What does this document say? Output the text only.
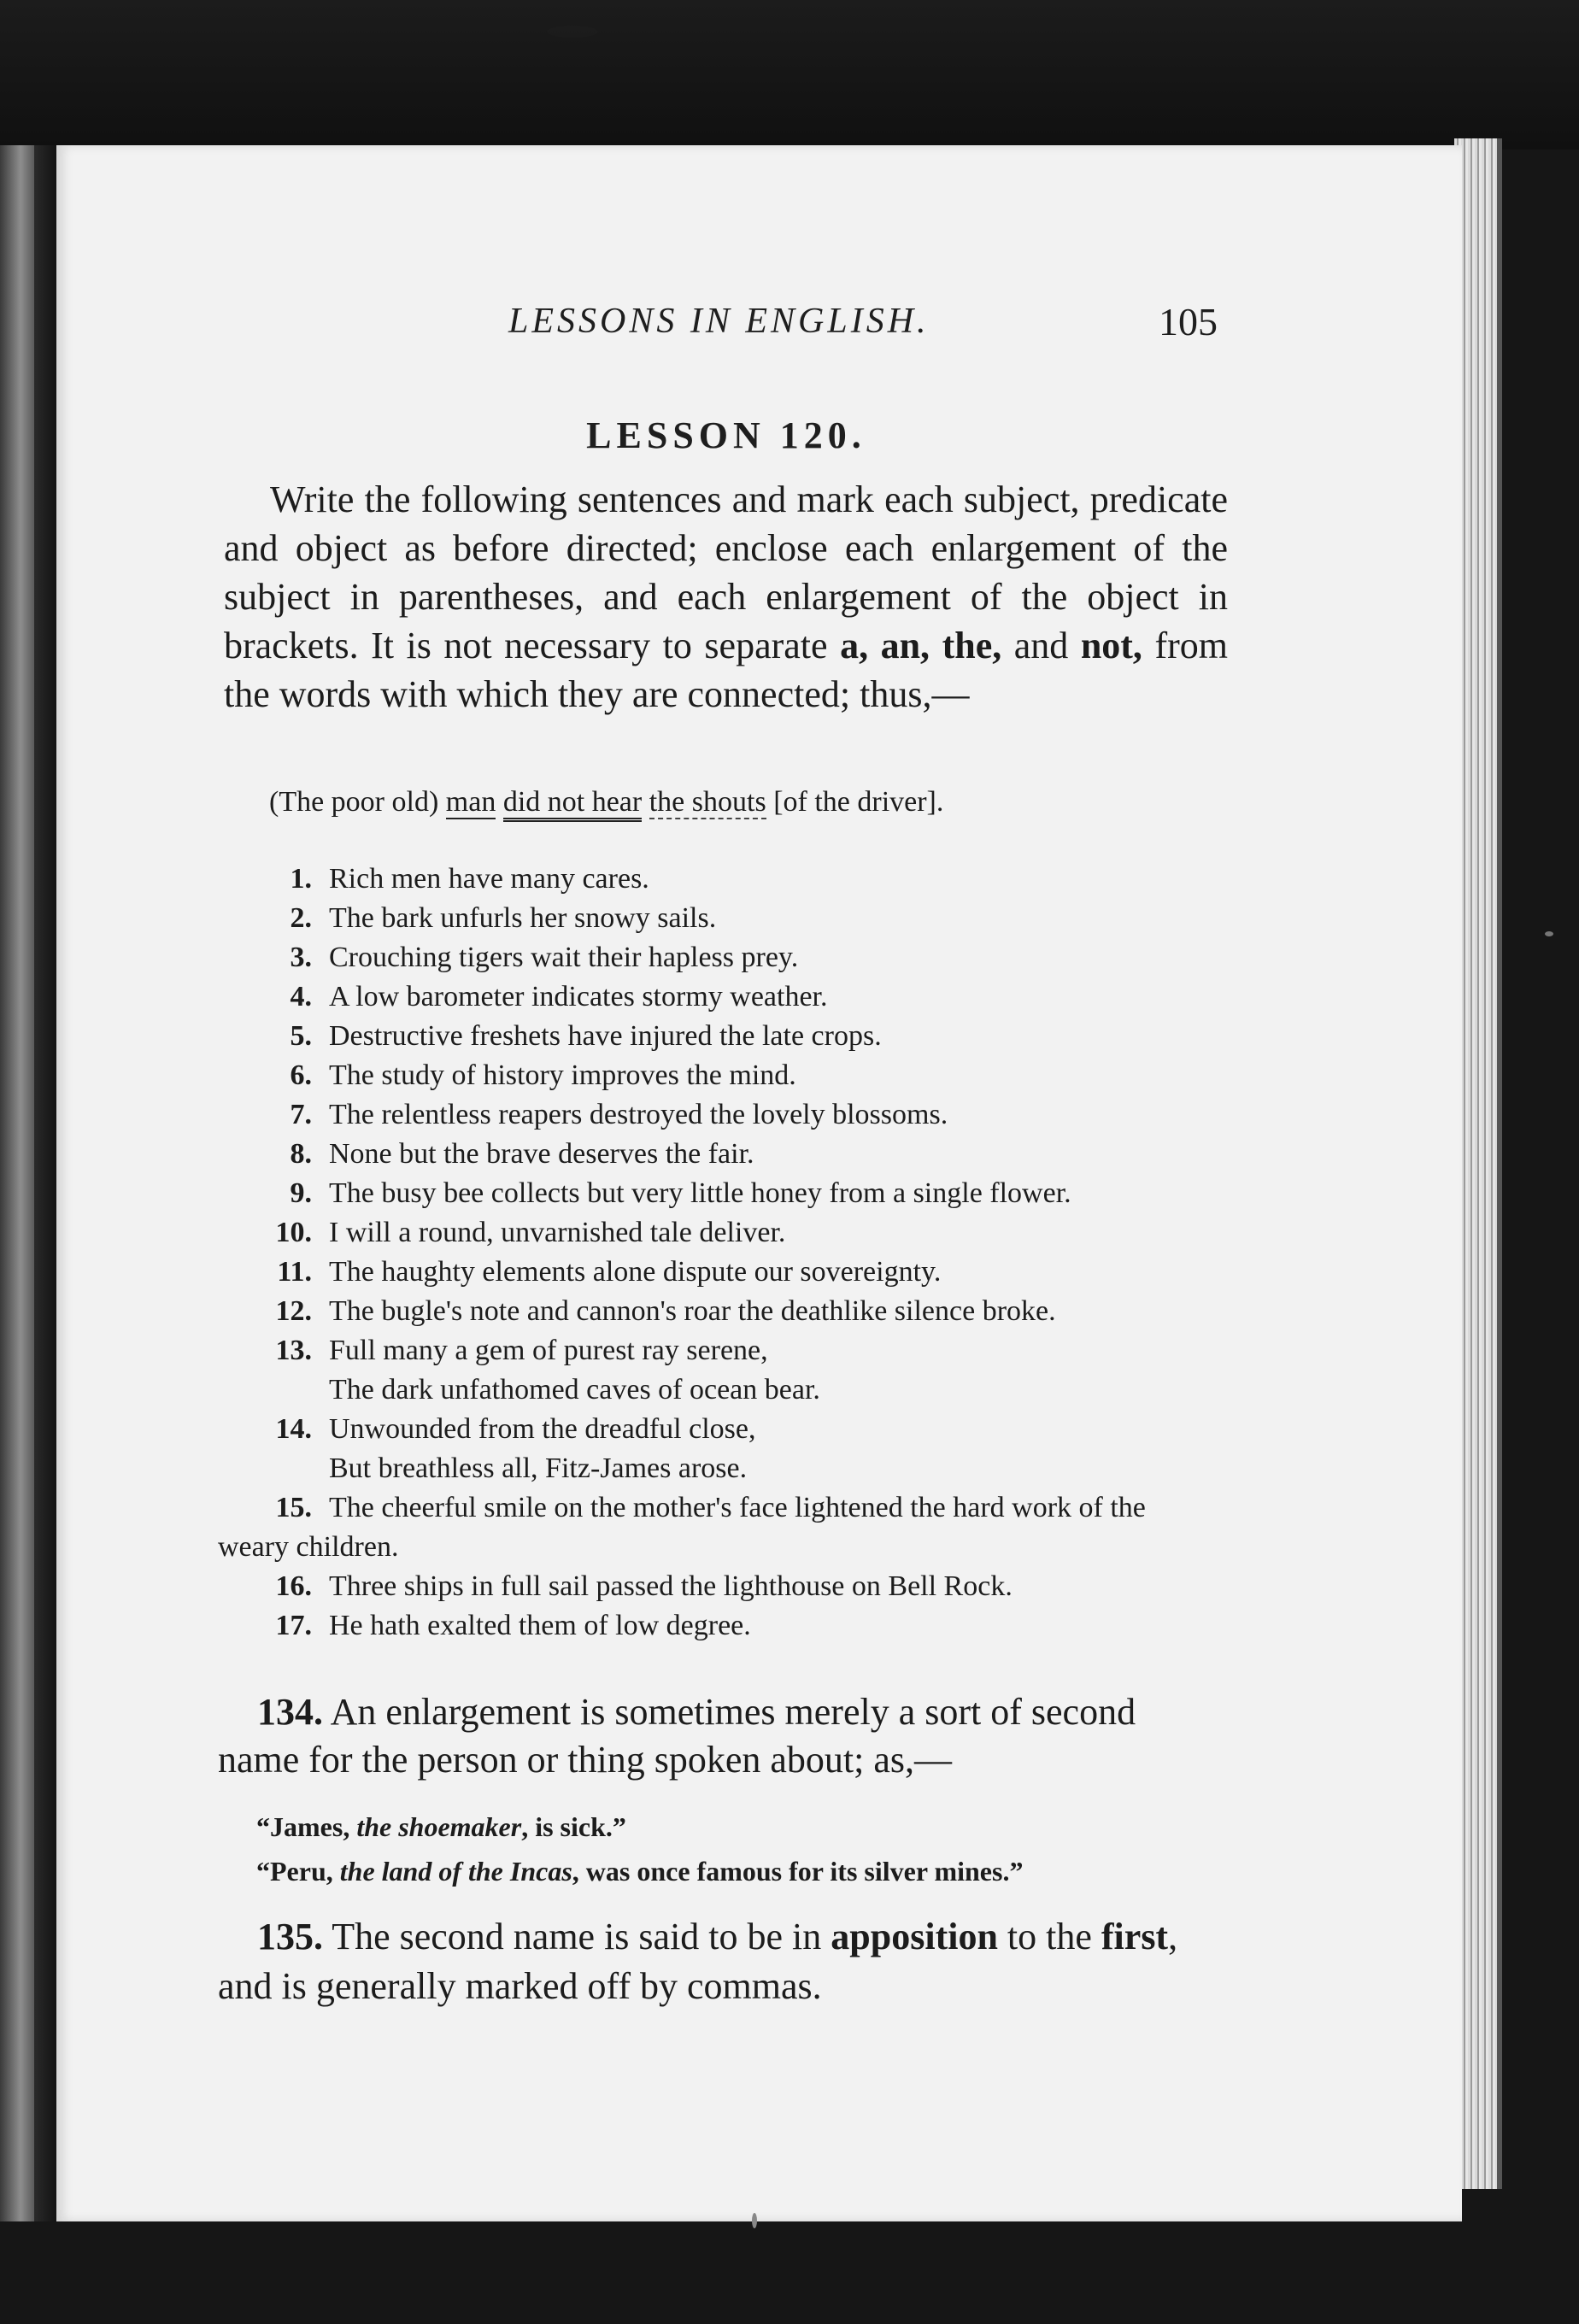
LESSONS IN ENGLISH.	105
LESSON 120.

Write the following sentences and mark each subject, predicate and object as before directed; enclose each enlargement of the subject in parentheses, and each enlargement of the object in brackets. It is not necessary to separate a, an, the, and not, from the words with which they are connected; thus,—

(The poor old) man did not hear the shouts [of the driver].
1. Rich men have many cares.
2. The bark unfurls her snowy sails.
3. Crouching tigers wait their hapless prey.
4. A low barometer indicates stormy weather.
5. Destructive freshets have injured the late crops.
6. The study of history improves the mind.
7. The relentless reapers destroyed the lovely blossoms.
8. None but the brave deserves the fair.
9. The busy bee collects but very little honey from a single flower.
10. I will a round, unvarnished tale deliver.
11. The haughty elements alone dispute our sovereignty.
12. The bugle's note and cannon's roar the deathlike silence broke.
13. Full many a gem of purest ray serene,
The dark unfathomed caves of ocean bear.
14. Unwounded from the dreadful close,
But breathless all, Fitz-James arose.
15. The cheerful smile on the mother's face lightened the hard work of the weary children.
16. Three ships in full sail passed the lighthouse on Bell Rock.
17. He hath exalted them of low degree.

134. An enlargement is sometimes merely a sort of second name for the person or thing spoken about; as,—

“James, the shoemaker, is sick.”
“Peru, the land of the Incas, was once famous for its silver mines.”

135. The second name is said to be in apposition to the first, and is generally marked off by commas.
